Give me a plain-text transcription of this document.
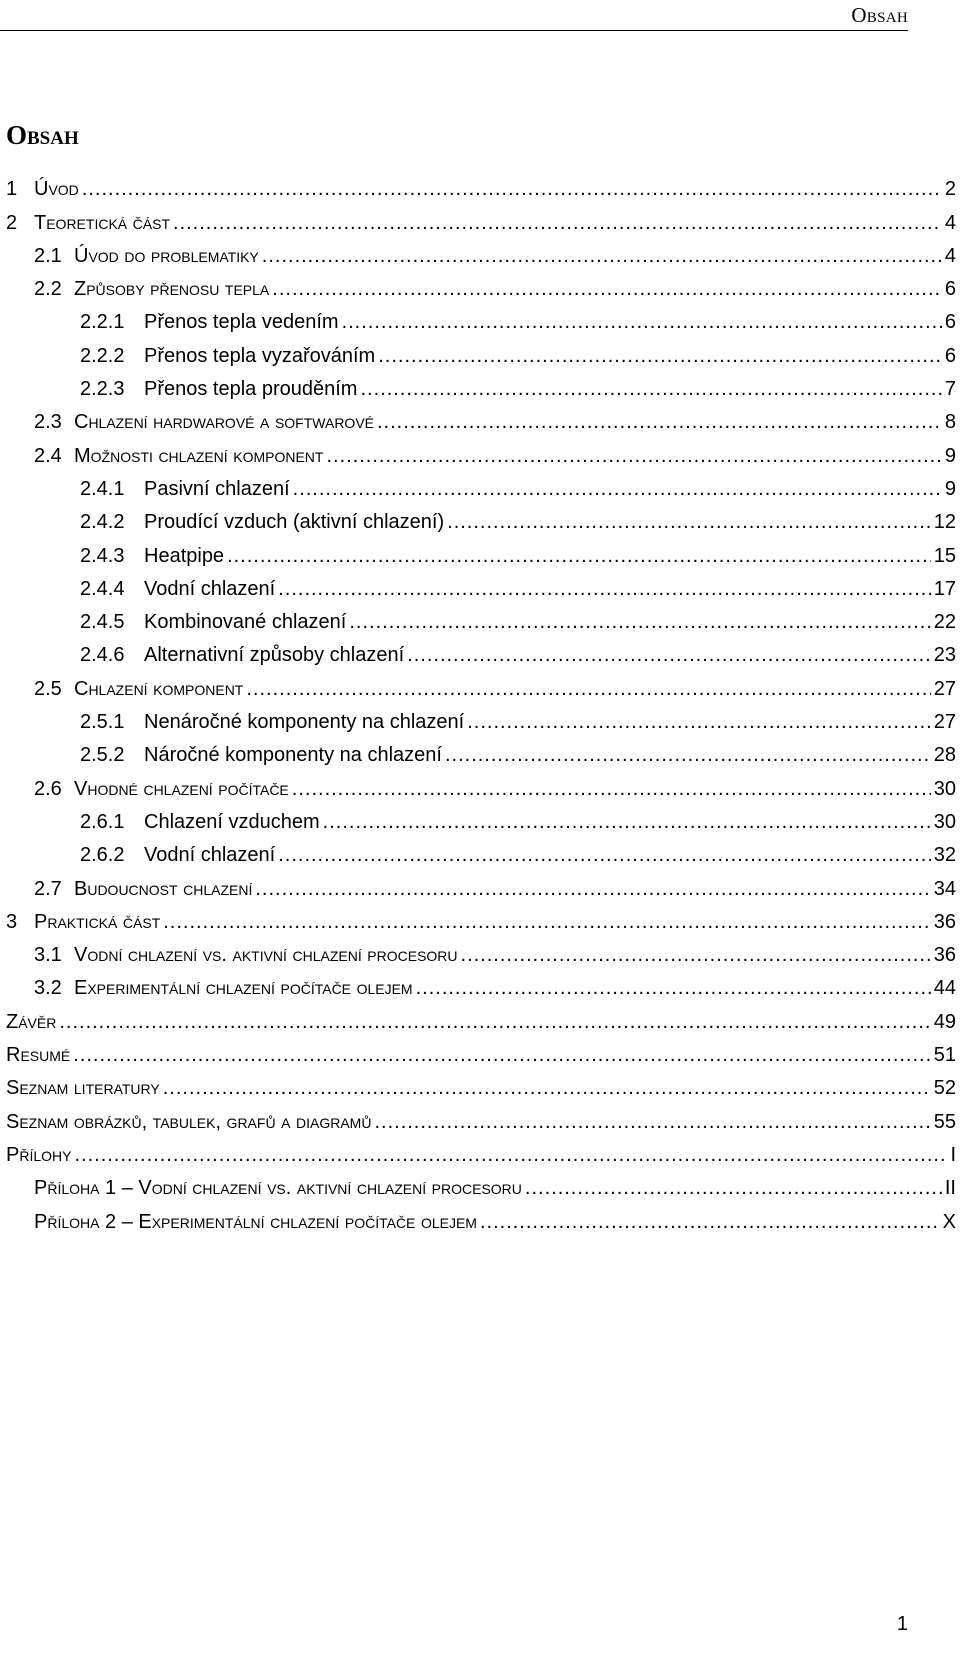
Obsah
Obsah
1 Úvod .....	2
2 Teoretická část .....	4
2.1 Úvod do problematiky .....	4
2.2 Způsoby přenosu tepla .....	6
2.2.1 Přenos tepla vedením .....	6
2.2.2 Přenos tepla vyzařováním .....	6
2.2.3 Přenos tepla prouděním .....	7
2.3 Chlazení hardwarové a softwarové .....	8
2.4 Možnosti chlazení komponent .....	9
2.4.1 Pasivní chlazení .....	9
2.4.2 Proudící vzduch (aktivní chlazení) .....	12
2.4.3 Heatpipe .....	15
2.4.4 Vodní chlazení .....	17
2.4.5 Kombinované chlazení .....	22
2.4.6 Alternativní způsoby chlazení .....	23
2.5 Chlazení komponent .....	27
2.5.1 Nenáročné komponenty na chlazení .....	27
2.5.2 Náročné komponenty na chlazení .....	28
2.6 Vhodné chlazení počítače .....	30
2.6.1 Chlazení vzduchem .....	30
2.6.2 Vodní chlazení .....	32
2.7 Budoucnost chlazení .....	34
3 Praktická část .....	36
3.1 Vodní chlazení vs. aktivní chlazení procesoru .....	36
3.2 Experimentální chlazení počítače olejem .....	44
Závěr .....	49
Resumé .....	51
Seznam literatury .....	52
Seznam obrázků, tabulek, grafů a diagramů .....	55
Přílohy .....	I
Příloha 1 – Vodní chlazení vs. aktivní chlazení procesoru .....	II
Příloha 2 – Experimentální chlazení počítače olejem .....	X
1
